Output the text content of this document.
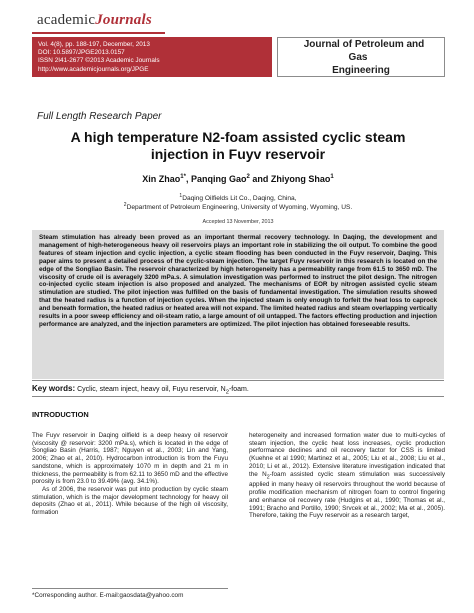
academicJournals
Vol. 4(8), pp. 188-197, December, 2013
DOI: 10.5897/JPGE2013.0157
ISSN 2I41-2677 ©2013 Academic Journals
http://www.academicjournals.org/JPGE
Journal of Petroleum and Gas
Engineering
Full Length Research Paper
A high temperature N2-foam assisted cyclic steam
injection in Fuyv reservoir
Xin Zhao$^{1*}$, Panqing Gao$^2$ and Zhiyong Shao$^1$
$^1$Daqing Oilfields Lit Co., Daqing, China,
$^2$Department of Petroleum Engineering, University of Wyoming, Wyoming, US.
Accepted 13 November, 2013

Steam stimulation has already been proved as an important thermal recovery technology. In Daqing, the development and management of high-heterogeneous heavy oil reservoirs plays an important role in stabilizing the oil output. To combine the good features of steam injection and cyclic injection, a cyclic steam flooding has been conducted in the Fuyv reservoir, Daqing. This paper aims to present a detailed process of the cyclic-steam injection. The target Fuyv reservoir in this research is located on the edge of the Songliao Basin. The reservoir characterized by high heterogeneity has a permeability range from 61.5 to 3650 mD. The viscosity of crude oil is averagely 3200 mPa.s. A simulation investigation was performed to instruct the pilot design. The nitrogen co-injected cyclic steam injection is also proposed and analyzed. The mechanisms of EOR by nitrogen assisted cyclic steam stimulation are studied. The pilot injection was fulfilled on the basis of fundamental investigation. The simulation results showed that the heated radius is a function of injection cycles. When the injected steam is only enough to forfeit the heat loss to caprock and beneath formation, the heated radius or heated area will not expand. The limited heated radius and steam overlapping vertically results in a poor sweep efficiency and oil-steam ratio, a large amount of oil untapped. The factors effecting production and injection performance are analyzed, and the injection parameters are optimized. The pilot injection has obtained foreseeable results.

Key words: Cyclic, steam inject, heavy oil, Fuyu reservoir, $N_2$-foam.
INTRODUCTION

The Fuyv reservoir in Daqing oilfield is a deep heavy oil reservoir (viscosity @ reservoir: 3200 mPa.s), which is located in the edge of Songliao Basin (Harris, 1987; Nguyen et al., 2003; Lin and Yang, 2006; Zhao et al., 2010). Hydrocarbon introduction is from the Fuyu sandstone, which is approximately 1070 m in depth and 21 m in thickness, the permeability is from 62.11 to 3650 mD and the effective porosity is from 23.0 to 39.49% (avg. 34.1%).

As of 2006, the reservoir was put into production by cyclic steam stimulation, which is the major development technology for heavy oil deposits (Zhao et al., 2011). While because of the high oil viscosity, formation

heterogeneity and increased formation water due to multi-cycles of steam injection, the cyclic heat loss increases, cyclic production performance declines and oil recovery factor for CSS is limited (Kuehne et al 1990; Martinez et al., 2005; Liu et al., 2008; Liu et al., 2010; Li et al., 2012). Extensive literature investigation indicated that the $N_2$-foam assisted cyclic steam stimulation was successively applied in many heavy oil reservoirs throughout the world because of profile modification mechanism of nitrogen foam to control fingering and enhance oil recovery rate (Hudgins et al., 1990; Thomas et al., 1991; Bracho and Portillo, 1990; Srvcek et al., 2002; Ma et al., 2005). Therefore, taking the Fuyv reservoir as a research target,

*Corresponding author. E-mail:gaosdata@yahoo.com
